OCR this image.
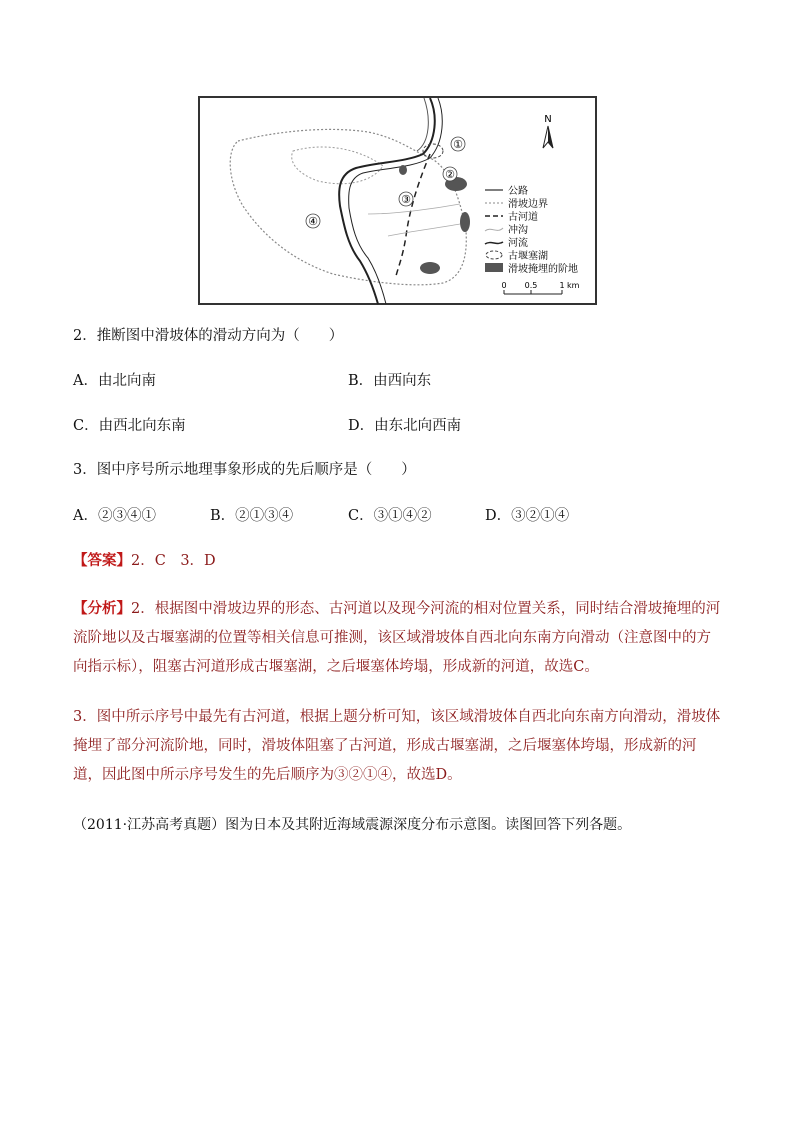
①
②
③
④
N
公路
滑坡边界
古河道
冲沟
河流
古堰塞湖
滑坡掩埋的阶地
0 0.5	1 km
2．推断图中滑坡体的滑动方向为（　　）
A．由北向南	B．由西向东
C．由西北向东南	D．由东北向西南
3．图中序号所示地理事象形成的先后顺序是（　　）
A．②③④①	B．②①③④	C．③①④②	D．③②①④
【答案】2．C　3．D
【分析】2．根据图中滑坡边界的形态、古河道以及现今河流的相对位置关系，同时结合滑坡掩埋的河流阶地以及古堰塞湖的位置等相关信息可推测，该区域滑坡体自西北向东南方向滑动（注意图中的方向指示标），阻塞古河道形成古堰塞湖，之后堰塞体垮塌，形成新的河道，故选C。
3．图中所示序号中最先有古河道，根据上题分析可知，该区域滑坡体自西北向东南方向滑动，滑坡体掩埋了部分河流阶地，同时，滑坡体阻塞了古河道，形成古堰塞湖，之后堰塞体垮塌，形成新的河道，因此图中所示序号发生的先后顺序为③②①④，故选D。
（2011·江苏高考真题）图为日本及其附近海域震源深度分布示意图。读图回答下列各题。
